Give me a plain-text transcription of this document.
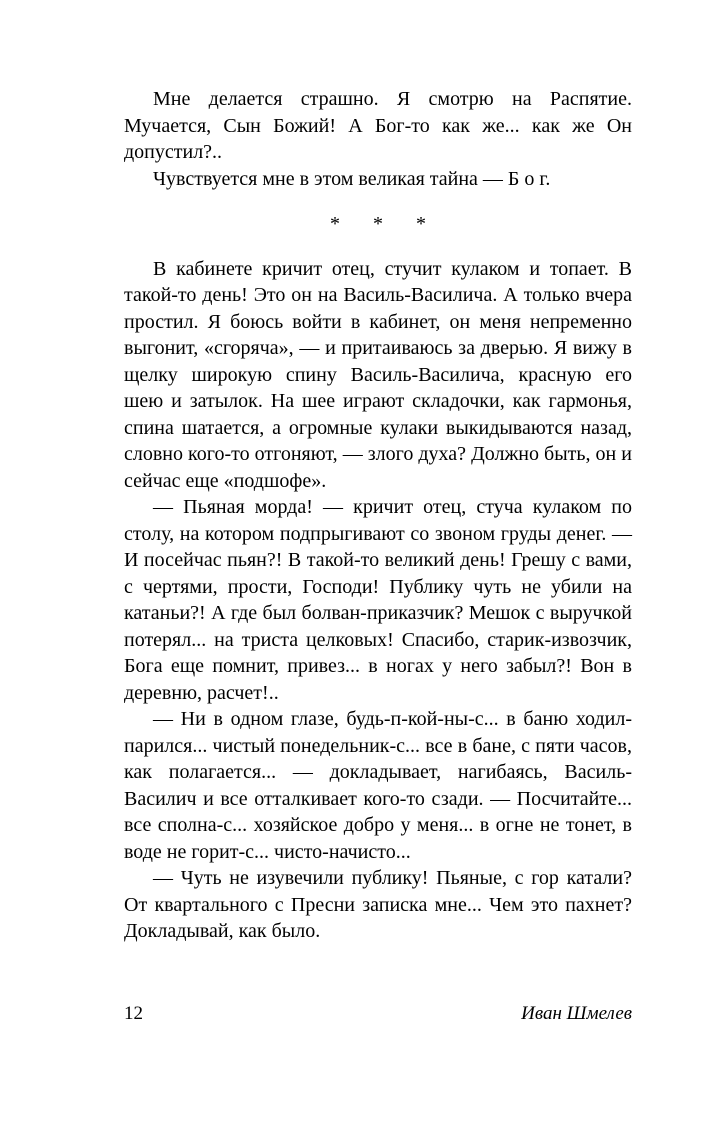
Мне делается страшно. Я смотрю на Распятие. Мучается, Сын Божий! А Бог-то как же... как же Он допустил?..

Чувствуется мне в этом великая тайна — Б о г.

* * *

В кабинете кричит отец, стучит кулаком и топает. В такой-то день! Это он на Василь-Василича. А только вчера простил. Я боюсь войти в кабинет, он меня непременно выгонит, «сгоряча», — и притаиваюсь за дверью. Я вижу в щелку широкую спину Василь-Василича, красную его шею и затылок. На шее играют складочки, как гармонья, спина шатается, а огромные кулаки выкидываются назад, словно кого-то отгоняют, — злого духа? Должно быть, он и сейчас еще «подшофе».

— Пьяная морда! — кричит отец, стуча кулаком по столу, на котором подпрыгивают со звоном груды денег. — И посейчас пьян?! В такой-то великий день! Грешу с вами, с чертями, прости, Господи! Публику чуть не убили на катаньи?! А где был болван-приказчик? Мешок с выручкой потерял... на триста целковых! Спасибо, старик-извозчик, Бога еще помнит, привез... в ногах у него забыл?! Вон в деревню, расчет!..

— Ни в одном глазе, будь-п-кой-ны-с... в баню ходил-парился... чистый понедельник-с... все в бане, с пяти часов, как полагается... — докладывает, нагибаясь, Василь-Василич и все отталкивает кого-то сзади. — Посчитайте... все сполна-с... хозяйское добро у меня... в огне не тонет, в воде не горит-с... чисто-начисто...

— Чуть не изувечили публику! Пьяные, с гор катали? От квартального с Пресни записка мне... Чем это пахнет? Докладывай, как было.

12	Иван Шмелев
